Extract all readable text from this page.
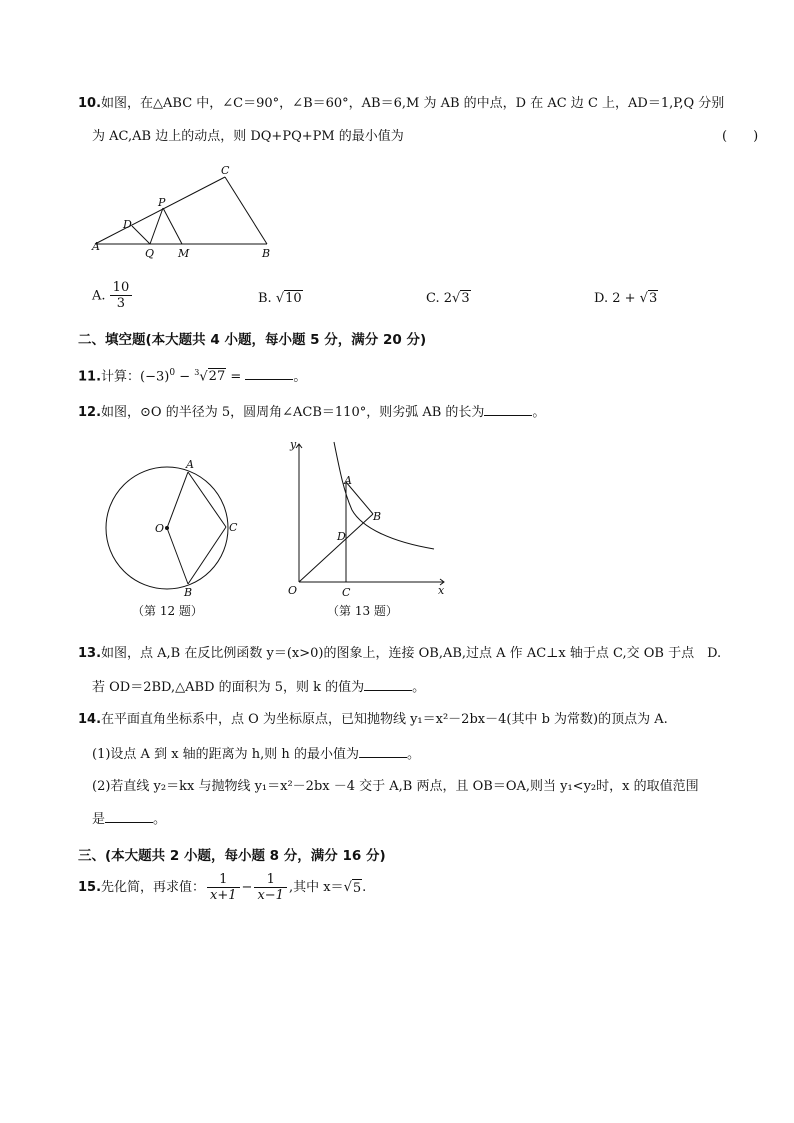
10.如图，在△ABC 中，∠C＝90°，∠B＝60°，AB＝6,M 为 AB 的中点，D 在 AC 边 C 上，AD＝1,P,Q 分别
为 AC,AB 边上的动点，则 DQ+PQ+PM 的最小值为	(　　)
A
B
C
D
P
Q M
A. $\frac{10}{3}$	B. √10	C. 2√3	D. 2 + √3
二、填空题(本大题共 4 小题，每小题 5 分，满分 20 分)
11.计算：$(-3)^0 - ^3√27$ =	。
12.如图，⊙O 的半径为 5，圆周角∠ACB＝110°，则劣弧 AB 的长为	。
A
B
C
O
（第 12 题）
y
x
O
A
B
C
D
（第 13 题）
13.如图，点 A,B 在反比例函数 y＝(x>0)的图象上，连接 OB,AB,过点 A 作 AC⊥x 轴于点 C,交 OB 于点　D.
若 OD＝2BD,△ABD 的面积为 5，则 k 的值为	。
14.在平面直角坐标系中，点 O 为坐标原点，已知抛物线 y₁＝x²－2bx－4(其中 b 为常数)的顶点为 A.
(1)设点 A 到 x 轴的距离为 h,则 h 的最小值为	。
(2)若直线 y₂＝kx 与抛物线 y₁＝x²－2bx －4 交于 A,B 两点，且 OB＝OA,则当 y₁<y₂时，x 的取值范围
是	。
三、(本大题共 2 小题，每小题 8 分，满分 16 分)
15. 先化简，再求值： $\frac{1}{x+1} - \frac{1}{x-1}$ ,其中 x＝ √ 5 .
